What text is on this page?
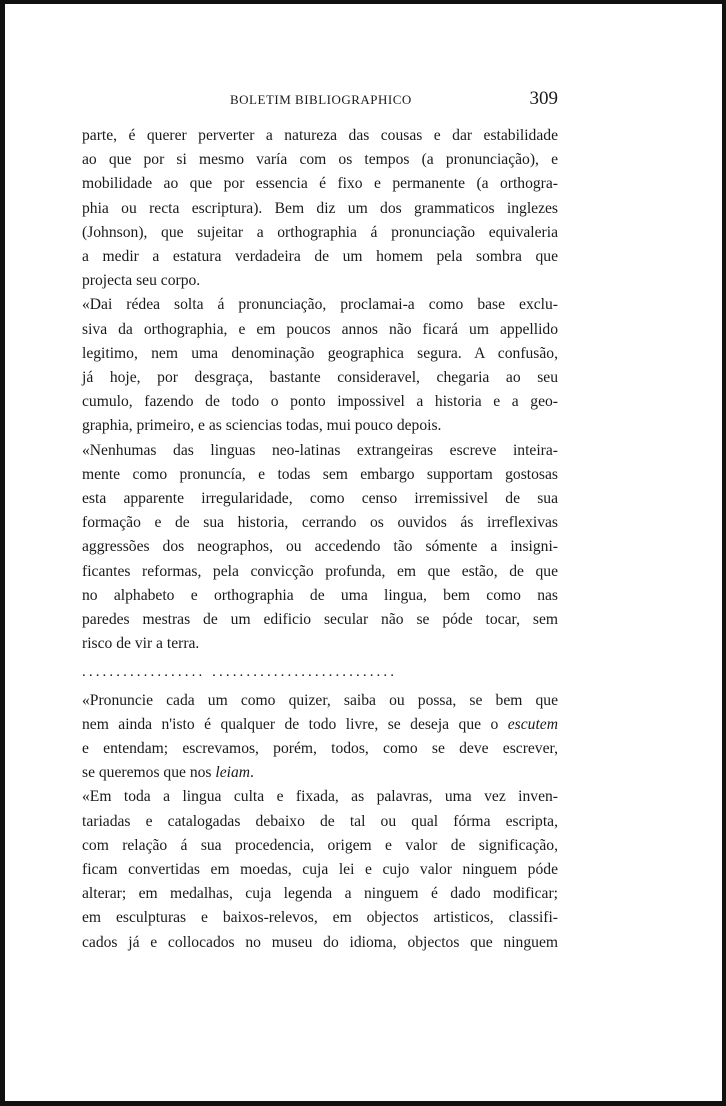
BOLETIM BIBLIOGRAPHICO	309

parte, é querer perverter a natureza das cousas e dar estabilidade

ao que por si mesmo varía com os tempos (a pronunciação), e

mobilidade ao que por essencia é fixo e permanente (a orthogra-

phia ou recta escriptura). Bem diz um dos grammaticos inglezes

(Johnson), que sujeitar a orthographia á pronunciação equivaleria

a medir a estatura verdadeira de um homem pela sombra que

projecta seu corpo.

«Dai rédea solta á pronunciação, proclamai-a como base exclu-

siva da orthographia, e em poucos annos não ficará um appellido

legitimo, nem uma denominação geographica segura. A confusão,

já hoje, por desgraça, bastante consideravel, chegaria ao seu

cumulo, fazendo de todo o ponto impossivel a historia e a geo-

graphia, primeiro, e as sciencias todas, mui pouco depois.

«Nenhumas das linguas neo-latinas extrangeiras escreve inteira-

mente como pronuncía, e todas sem embargo supportam gostosas

esta apparente irregularidade, como censo irremissivel de sua

formação e de sua historia, cerrando os ouvidos ás irreflexivas

aggressões dos neographos, ou accedendo tão sómente a insigni-

ficantes reformas, pela convicção profunda, em que estão, de que

no alphabeto e orthographia de uma lingua, bem como nas

paredes mestras de um edificio secular não se póde tocar, sem

risco de vir a terra.

.................. ...........................

«Pronuncie cada um como quizer, saiba ou possa, se bem que

nem ainda n'isto é qualquer de todo livre, se deseja que o escutem

e entendam; escrevamos, porém, todos, como se deve escrever,

se queremos que nos leiam.

«Em toda a lingua culta e fixada, as palavras, uma vez inven-

tariadas e catalogadas debaixo de tal ou qual fórma escripta,

com relação á sua procedencia, origem e valor de significação,

ficam convertidas em moedas, cuja lei e cujo valor ninguem póde

alterar; em medalhas, cuja legenda a ninguem é dado modificar;

em esculpturas e baixos-relevos, em objectos artisticos, classifi-

cados já e collocados no museu do idioma, objectos que ninguem
